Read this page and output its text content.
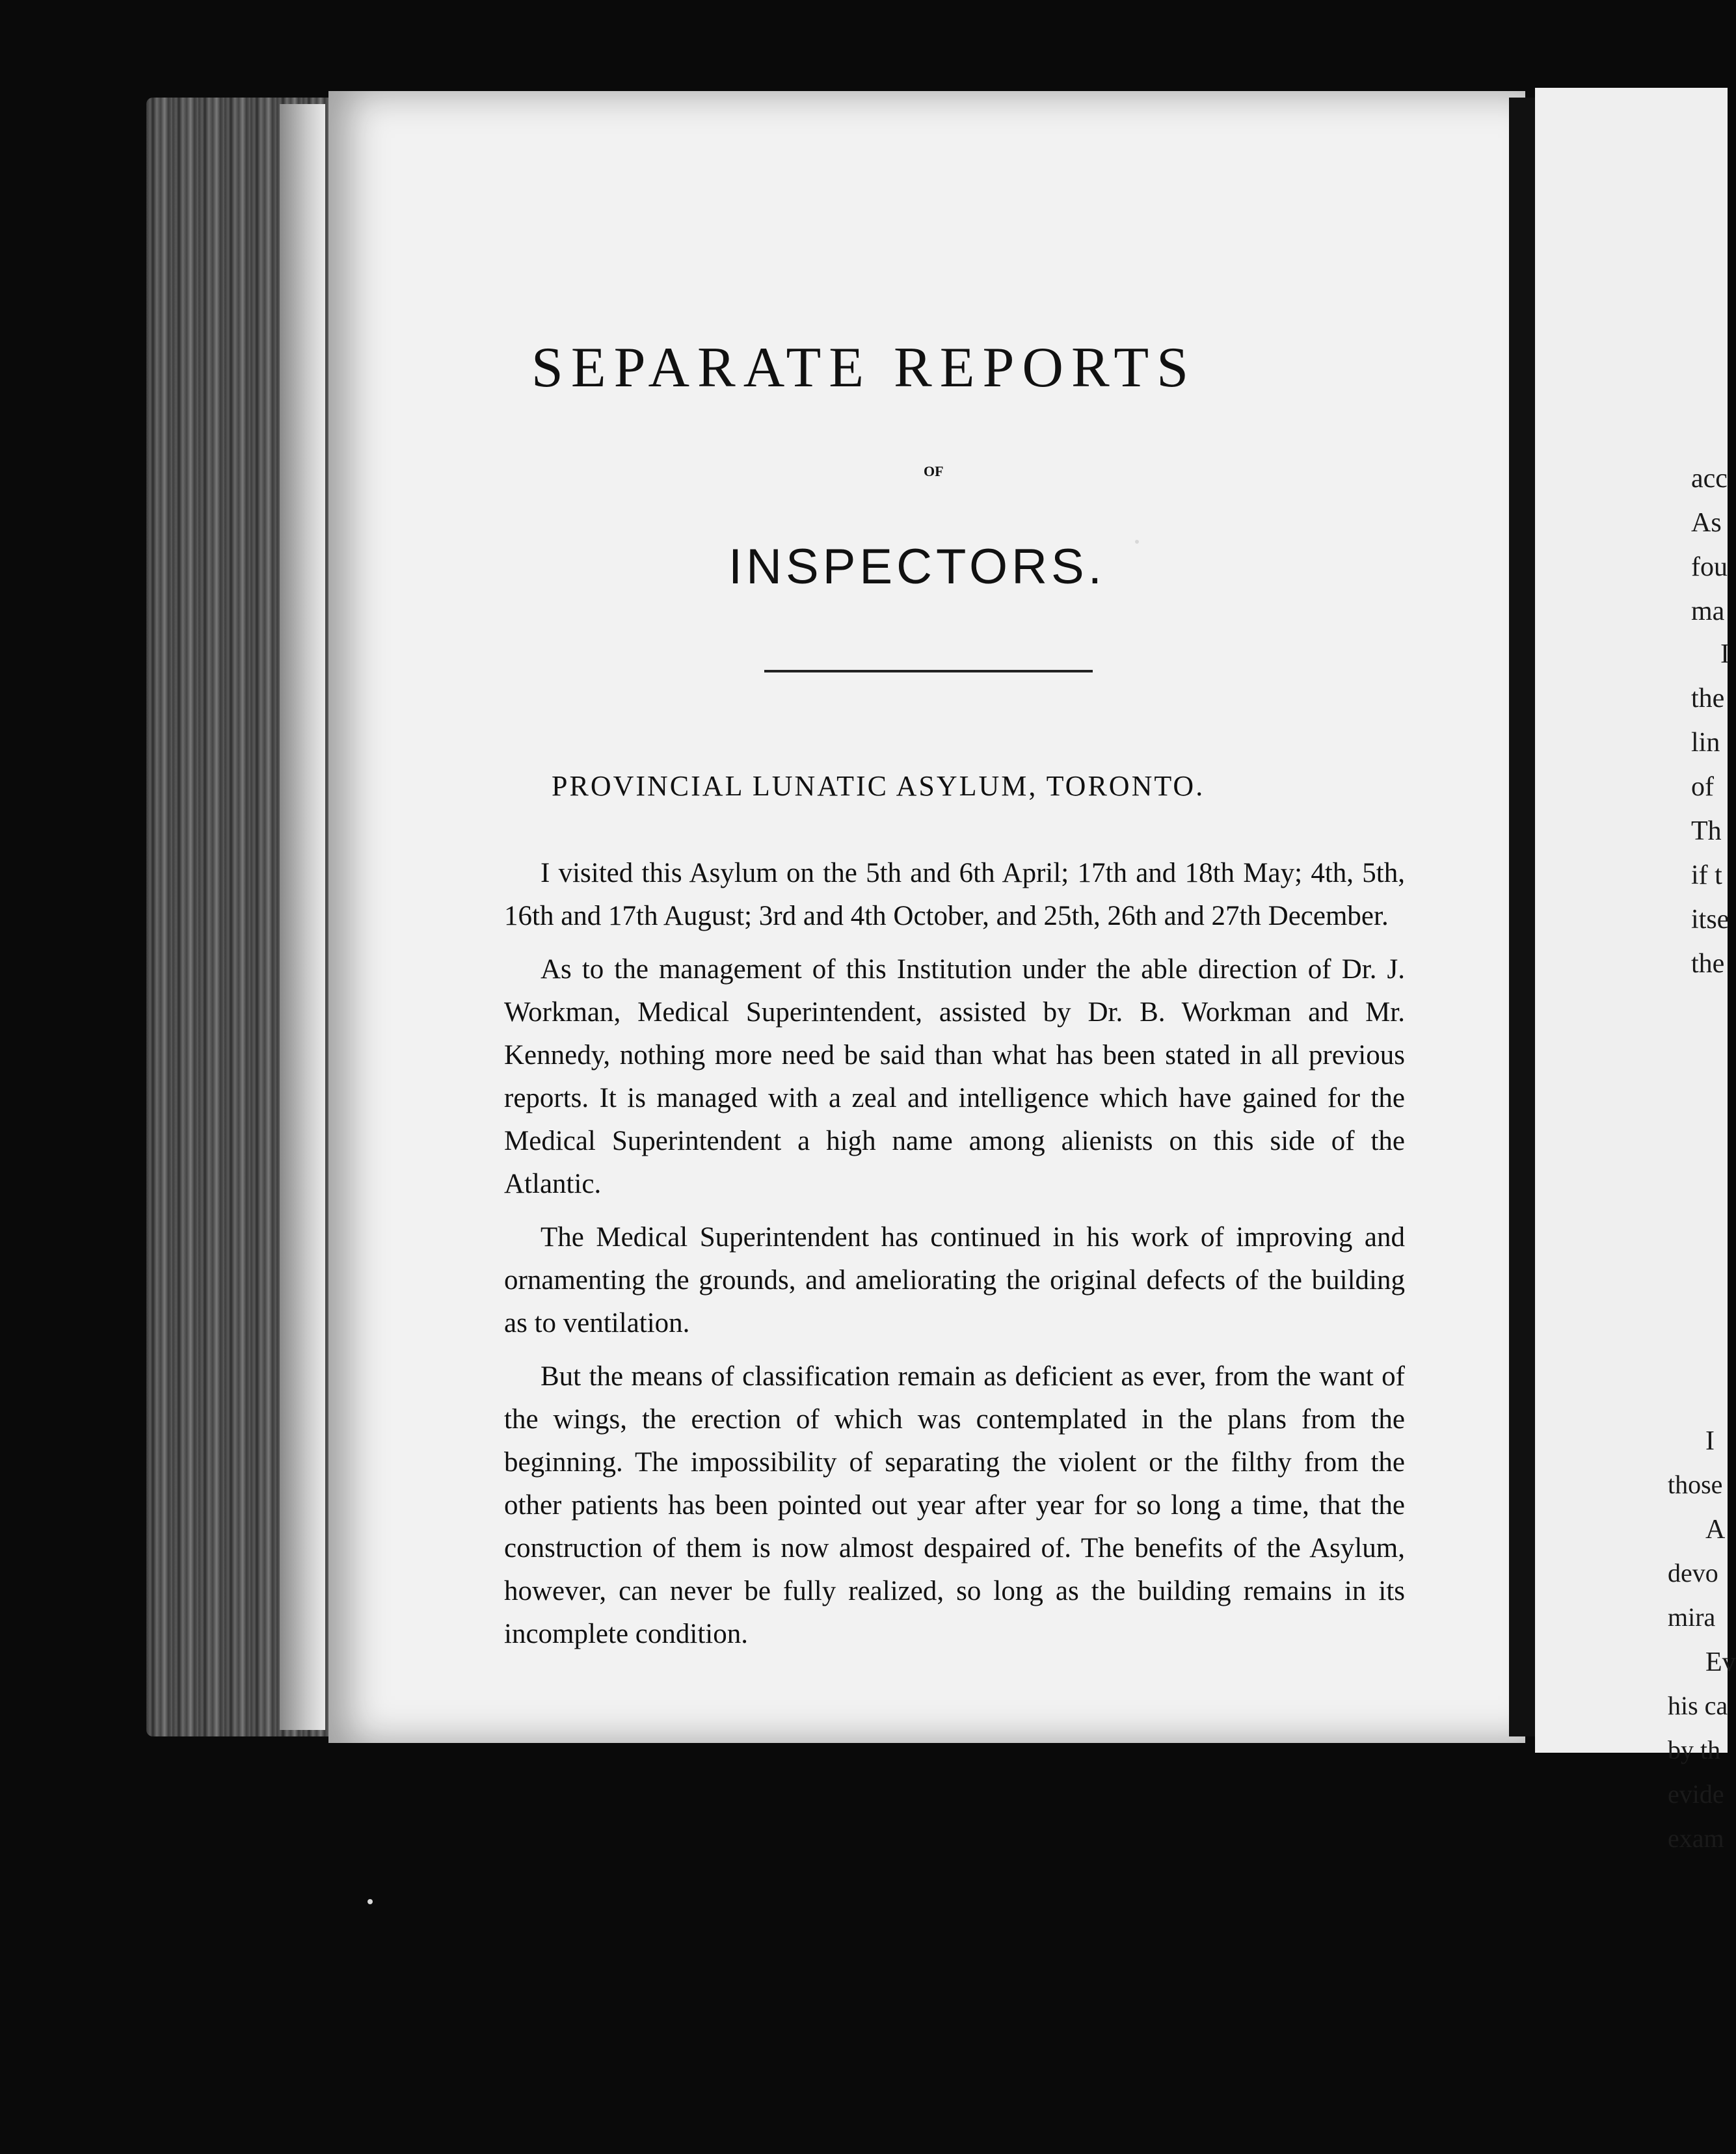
SEPARATE REPORTS
OF
INSPECTORS.
PROVINCIAL LUNATIC ASYLUM, TORONTO.

I visited this Asylum on the 5th and 6th April; 17th and 18th May; 4th, 5th, 16th and 17th August; 3rd and 4th October, and 25th, 26th and 27th December.

As to the management of this Institution under the able direction of Dr. J. Workman, Medical Superintendent, assisted by Dr. B. Workman and Mr. Kennedy, nothing more need be said than what has been stated in all previous reports. It is managed with a zeal and intelligence which have gained for the Medical Superintendent a high name among alienists on this side of the Atlantic.

The Medical Superintendent has continued in his work of improving and ornamenting the grounds, and ameliorating the original defects of the building as to ventilation.

But the means of classification remain as deficient as ever, from the want of the wings, the erection of which was contemplated in the plans from the beginning. The impossibility of separating the violent or the filthy from the other patients has been pointed out year after year for so long a time, that the construction of them is now almost despaired of. The benefits of the Asylum, however, can never be fully realized, so long as the building remains in its incomplete condition.

acc
As
fou
ma
I
the
lin
of
Th
if t
itse
the
I
those
A
devo
mira
Ev
his ca
by th
evide
exam
